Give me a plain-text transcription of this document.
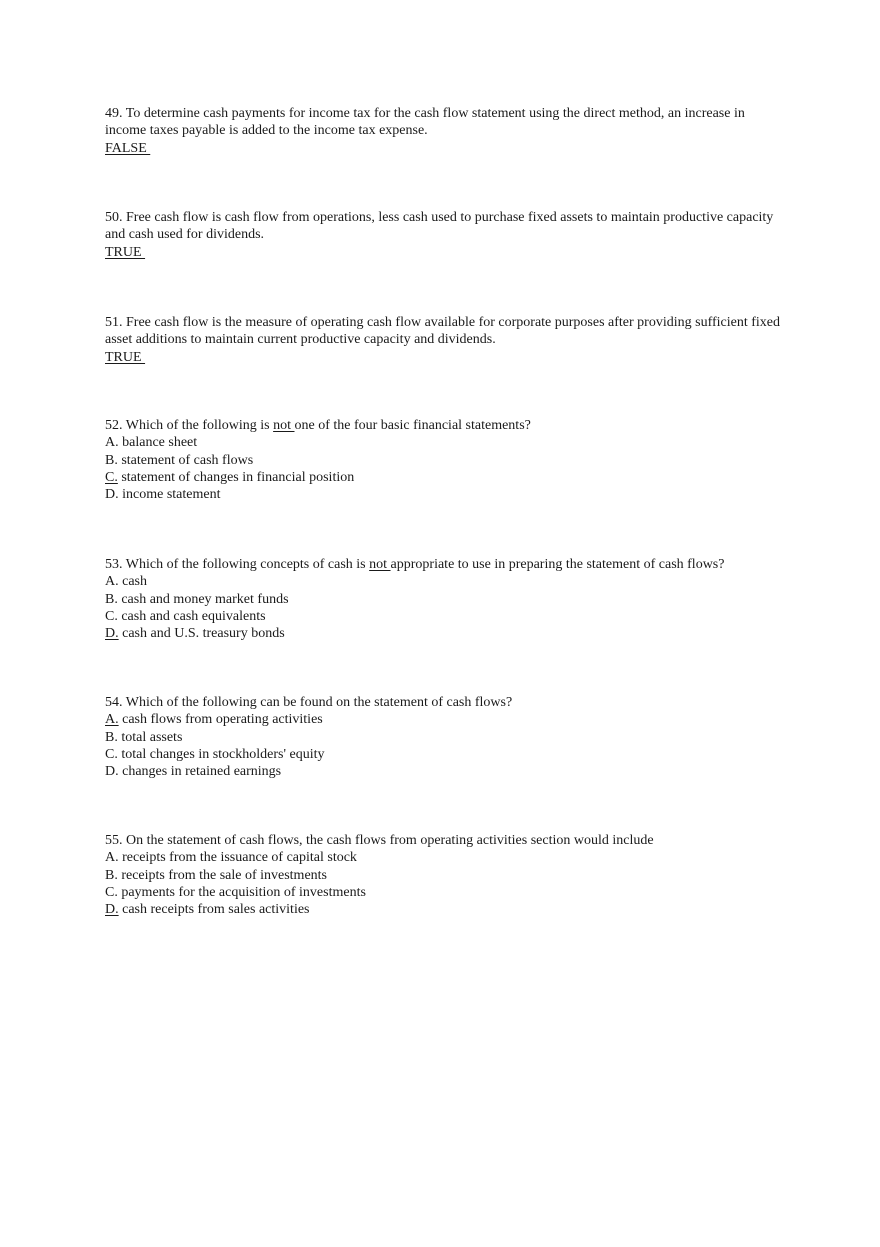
49. To determine cash payments for income tax for the cash flow statement using the direct method, an increase in income taxes payable is added to the income tax expense.

FALSE

50. Free cash flow is cash flow from operations, less cash used to purchase fixed assets to maintain productive capacity and cash used for dividends.

TRUE

51. Free cash flow is the measure of operating cash flow available for corporate purposes after providing sufficient fixed asset additions to maintain current productive capacity and dividends.

TRUE

52. Which of the following is not one of the four basic financial statements?

A. balance sheet

B. statement of cash flows

C. statement of changes in financial position

D. income statement

53. Which of the following concepts of cash is not appropriate to use in preparing the statement of cash flows?

A. cash

B. cash and money market funds

C. cash and cash equivalents

D. cash and U.S. treasury bonds

54. Which of the following can be found on the statement of cash flows?

A. cash flows from operating activities

B. total assets

C. total changes in stockholders' equity

D. changes in retained earnings

55. On the statement of cash flows, the cash flows from operating activities section would include

A. receipts from the issuance of capital stock

B. receipts from the sale of investments

C. payments for the acquisition of investments

D. cash receipts from sales activities
